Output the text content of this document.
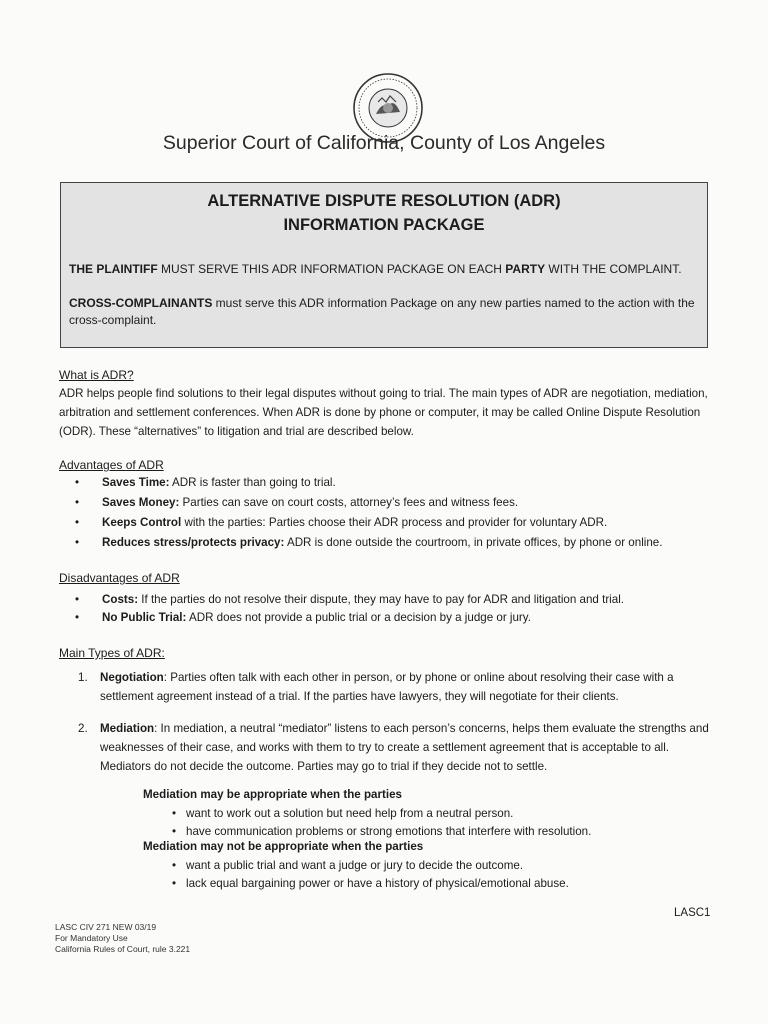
Superior Court of California, County of Los Angeles
ALTERNATIVE DISPUTE RESOLUTION (ADR)
INFORMATION PACKAGE
THE PLAINTIFF MUST SERVE THIS ADR INFORMATION PACKAGE ON EACH PARTY WITH THE COMPLAINT.
CROSS-COMPLAINANTS must serve this ADR information Package on any new parties named to the action with the cross-complaint.
What is ADR?
ADR helps people find solutions to their legal disputes without going to trial. The main types of ADR are negotiation, mediation, arbitration and settlement conferences. When ADR is done by phone or computer, it may be called Online Dispute Resolution (ODR). These “alternatives” to litigation and trial are described below.
Advantages of ADR
• Saves Time: ADR is faster than going to trial.
• Saves Money: Parties can save on court costs, attorney’s fees and witness fees.
• Keeps Control with the parties: Parties choose their ADR process and provider for voluntary ADR.
• Reduces stress/protects privacy: ADR is done outside the courtroom, in private offices, by phone or online.
Disadvantages of ADR
• Costs: If the parties do not resolve their dispute, they may have to pay for ADR and litigation and trial.
• No Public Trial: ADR does not provide a public trial or a decision by a judge or jury.
Main Types of ADR:
1. Negotiation: Parties often talk with each other in person, or by phone or online about resolving their case with a settlement agreement instead of a trial. If the parties have lawyers, they will negotiate for their clients.
2. Mediation: In mediation, a neutral “mediator” listens to each person’s concerns, helps them evaluate the strengths and weaknesses of their case, and works with them to try to create a settlement agreement that is acceptable to all. Mediators do not decide the outcome. Parties may go to trial if they decide not to settle.
Mediation may be appropriate when the parties
• want to work out a solution but need help from a neutral person.
• have communication problems or strong emotions that interfere with resolution.
Mediation may not be appropriate when the parties
• want a public trial and want a judge or jury to decide the outcome.
• lack equal bargaining power or have a history of physical/emotional abuse.
LASC CIV 271 NEW 03/19
For Mandatory Use
California Rules of Court, rule 3.221
LASC1
